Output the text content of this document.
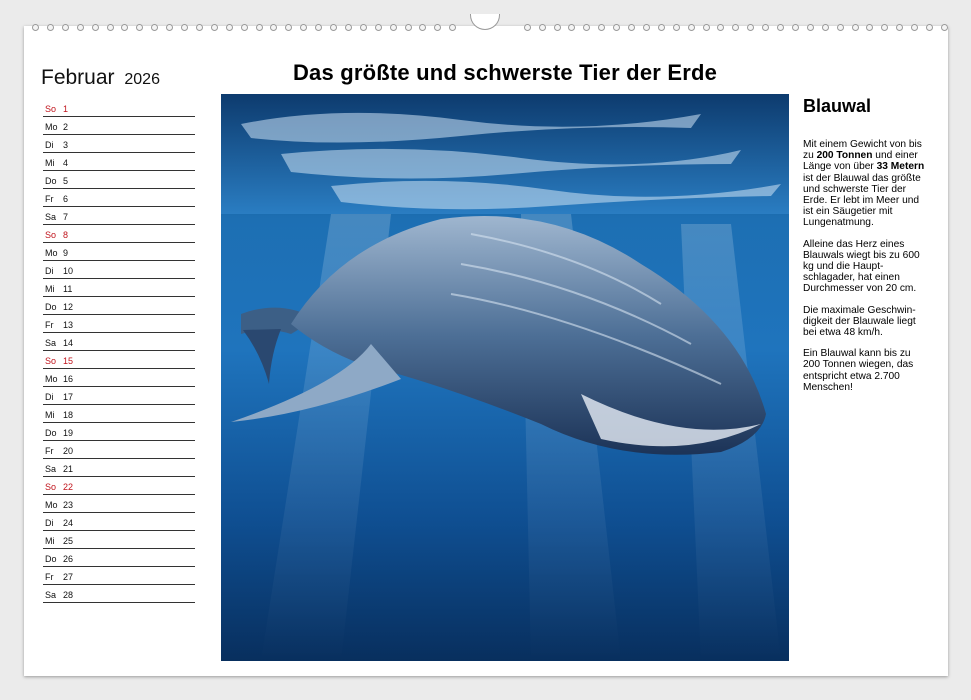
Februar 2026
So 1
Mo 2
Di 3
Mi 4
Do 5
Fr 6
Sa 7
So 8
Mo 9
Di 10
Mi 11
Do 12
Fr 13
Sa 14
So 15
Mo 16
Di 17
Mi 18
Do 19
Fr 20
Sa 21
So 22
Mo 23
Di 24
Mi 25
Do 26
Fr 27
Sa 28
Das größte und schwerste Tier der Erde
Blauwal

Mit einem Gewicht von bis zu 200 Tonnen und einer Länge von über 33 Metern ist der Blauwal das größte und schwerste Tier der Erde. Er lebt im Meer und ist ein Säugetier mit Lungenatmung.

Alleine das Herz eines Blauwals wiegt bis zu 600 kg und die Haupt-schlagader, hat einen Durchmesser von 20 cm.

Die maximale Geschwin-digkeit der Blauwale liegt bei etwa 48 km/h.

Ein Blauwal kann bis zu 200 Tonnen wiegen, das entspricht etwa 2.700 Menschen!
